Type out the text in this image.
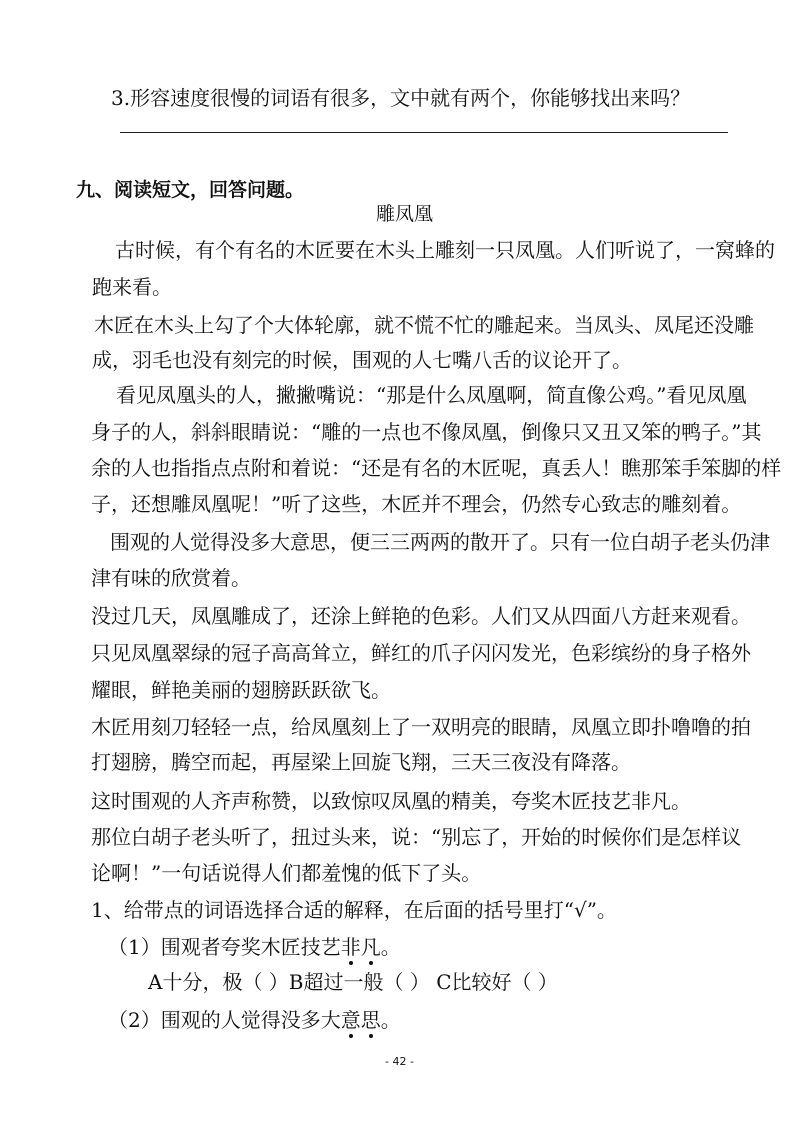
3.形容速度很慢的词语有很多，文中就有两个，你能够找出来吗？
九、阅读短文，回答问题。
雕凤凰
古时候，有个有名的木匠要在木头上雕刻一只凤凰。人们听说了，一窝蜂的
跑来看。
木匠在木头上勾了个大体轮廓，就不慌不忙的雕起来。当凤头、凤尾还没雕
成，羽毛也没有刻完的时候，围观的人七嘴八舌的议论开了。
看见凤凰头的人，撇撇嘴说：“那是什么凤凰啊，简直像公鸡。”看见凤凰
身子的人，斜斜眼睛说：“雕的一点也不像凤凰，倒像只又丑又笨的鸭子。”其
余的人也指指点点附和着说：“还是有名的木匠呢，真丢人！瞧那笨手笨脚的样
子，还想雕凤凰呢！”听了这些，木匠并不理会，仍然专心致志的雕刻着。
围观的人觉得没多大意思，便三三两两的散开了。只有一位白胡子老头仍津
津有味的欣赏着。
没过几天，凤凰雕成了，还涂上鲜艳的色彩。人们又从四面八方赶来观看。
只见凤凰翠绿的冠子高高耸立，鲜红的爪子闪闪发光，色彩缤纷的身子格外
耀眼，鲜艳美丽的翅膀跃跃欲飞。
木匠用刻刀轻轻一点，给凤凰刻上了一双明亮的眼睛，凤凰立即扑噜噜的拍
打翅膀，腾空而起，再屋梁上回旋飞翔，三天三夜没有降落。
这时围观的人齐声称赞，以致惊叹凤凰的精美，夸奖木匠技艺非凡。
那位白胡子老头听了，扭过头来，说：“别忘了，开始的时候你们是怎样议
论啊！”一句话说得人们都羞愧的低下了头。
1、给带点的词语选择合适的解释，在后面的括号里打“√”。
（1）围观者夸奖木匠技艺非凡。
A十分，极（ ）B超过一般（ ） C比较好（ ）
（2）围观的人觉得没多大意思。
- 42 -
